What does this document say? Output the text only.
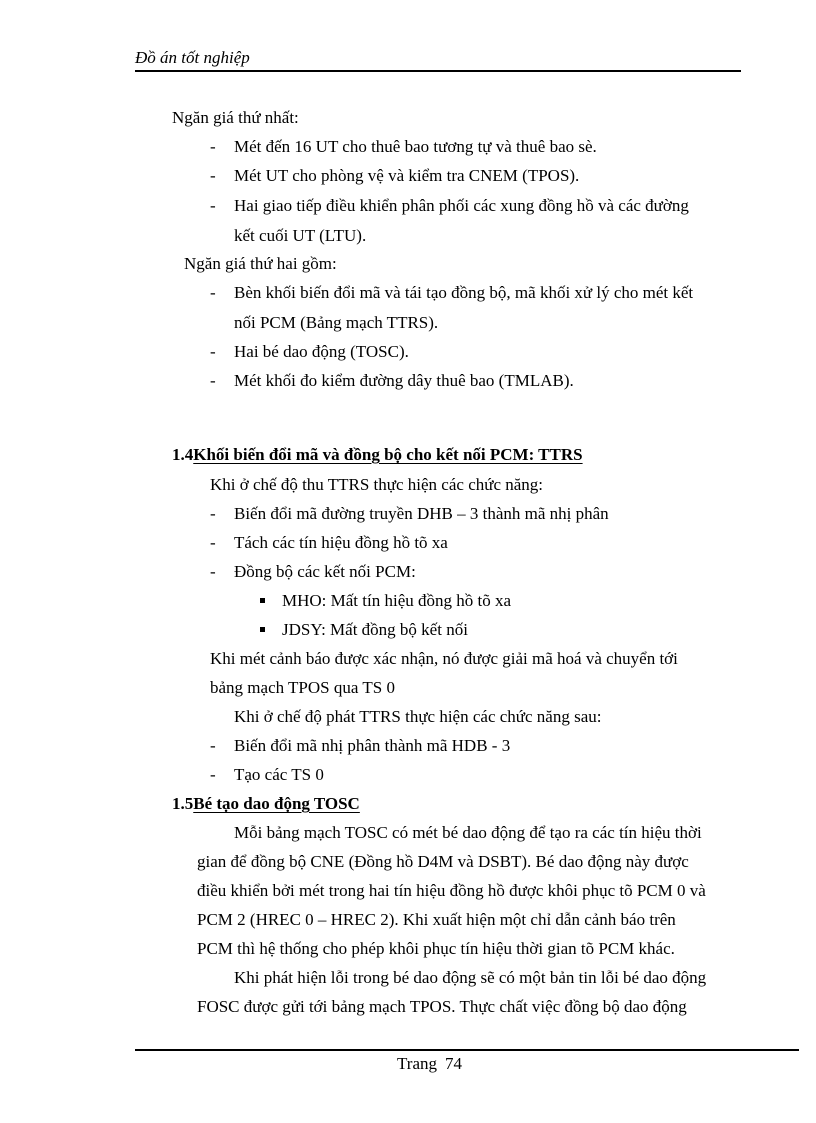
Đồ án tốt nghiệp
Ngăn giá thứ nhất:
- Mét đến 16 UT cho thuê bao tương tự và thuê bao sè.
- Mét UT cho phòng vệ và kiểm tra CNEM (TPOS).
- Hai giao tiếp điều khiển phân phối các xung đồng hồ và các đường
kết cuối UT (LTU).
Ngăn giá thứ hai gồm:
- Bèn khối biến đổi mã và tái tạo đồng bộ, mã khối xử lý cho mét kết
nối PCM (Bảng mạch TTRS).
- Hai bé dao động (TOSC).
- Mét khối đo kiểm đường dây thuê bao (TMLAB).
1.4Khối biến đổi mã và đồng bộ cho kết nối PCM: TTRS
Khi ở chế độ thu TTRS thực hiện các chức năng:
- Biến đổi mã đường truyền DHB – 3 thành mã nhị phân
- Tách các tín hiệu đồng hồ tõ xa
- Đồng bộ các kết nối PCM:
MHO: Mất tín hiệu đồng hồ tõ xa
JDSY: Mất đồng bộ kết nối
Khi mét cảnh báo được xác nhận, nó được giải mã hoá và chuyển tới
bảng mạch TPOS qua TS 0
Khi ở chế độ phát TTRS thực hiện các chức năng sau:
- Biến đổi mã nhị phân thành mã HDB - 3
- Tạo các TS 0
1.5Bé tạo dao động TOSC
Mỗi bảng mạch TOSC có mét bé dao động để tạo ra các tín hiệu thời
gian để đồng bộ CNE (Đồng hồ D4M và DSBT). Bé dao động này được
điều khiển bởi mét trong hai tín hiệu đồng hồ được khôi phục tõ PCM 0 và
PCM 2 (HREC 0 – HREC 2). Khi xuất hiện một chỉ dẫn cảnh báo trên
PCM thì hệ thống cho phép khôi phục tín hiệu thời gian tõ PCM khác.
Khi phát hiện lỗi trong bé dao động sẽ có một bản tin lỗi bé dao động
FOSC được gửi tới bảng mạch TPOS. Thực chất việc đồng bộ dao động
Trang 74
